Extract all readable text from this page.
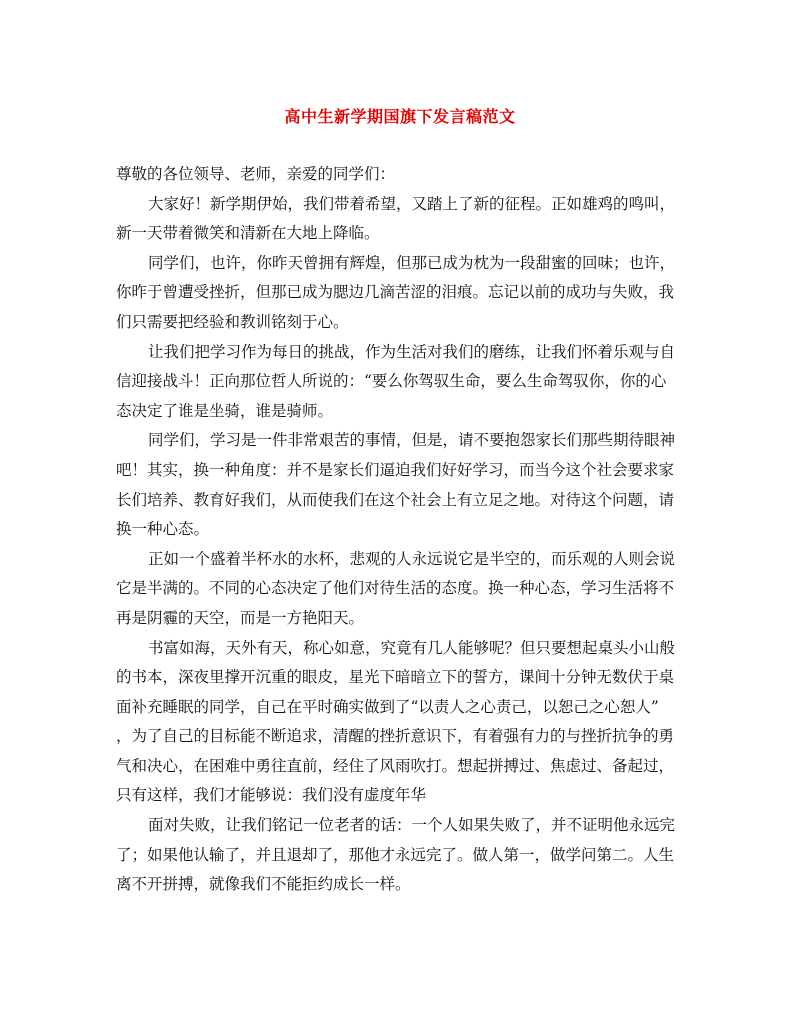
高中生新学期国旗下发言稿范文
尊敬的各位领导、老师，亲爱的同学们：
大家好！新学期伊始，我们带着希望，又踏上了新的征程。正如雄鸡的鸣叫，
新一天带着微笑和清新在大地上降临。
同学们，也许，你昨天曾拥有辉煌，但那已成为枕为一段甜蜜的回味；也许，
你昨于曾遭受挫折，但那已成为腮边几滴苦涩的泪痕。忘记以前的成功与失败，我
们只需要把经验和教训铭刻于心。
让我们把学习作为每日的挑战，作为生活对我们的磨练，让我们怀着乐观与自
信迎接战斗！正向那位哲人所说的：“要么你驾驭生命，要么生命驾驭你，你的心
态决定了谁是坐骑，谁是骑师。
同学们，学习是一件非常艰苦的事情，但是，请不要抱怨家长们那些期待眼神
吧！其实，换一种角度：并不是家长们逼迫我们好好学习，而当今这个社会要求家
长们培养、教育好我们，从而使我们在这个社会上有立足之地。对待这个问题，请
换一种心态。
正如一个盛着半杯水的水杯，悲观的人永远说它是半空的，而乐观的人则会说
它是半满的。不同的心态决定了他们对待生活的态度。换一种心态，学习生活将不
再是阴霾的天空，而是一方艳阳天。
书富如海，天外有天，称心如意，究竟有几人能够呢？但只要想起桌头小山般
的书本，深夜里撑开沉重的眼皮，星光下暗暗立下的誓方，课间十分钟无数伏于桌
面补充睡眠的同学，自己在平时确实做到了“以责人之心责己，以恕己之心恕人”
，为了自己的目标能不断追求，清醒的挫折意识下，有着强有力的与挫折抗争的勇
气和决心，在困难中勇往直前，经住了风雨吹打。想起拼搏过、焦虑过、备起过，
只有这样，我们才能够说：我们没有虚度年华
面对失败，让我们铭记一位老者的话：一个人如果失败了，并不证明他永远完
了；如果他认输了，并且退却了，那他才永远完了。做人第一，做学问第二。人生
离不开拼搏，就像我们不能拒约成长一样。
